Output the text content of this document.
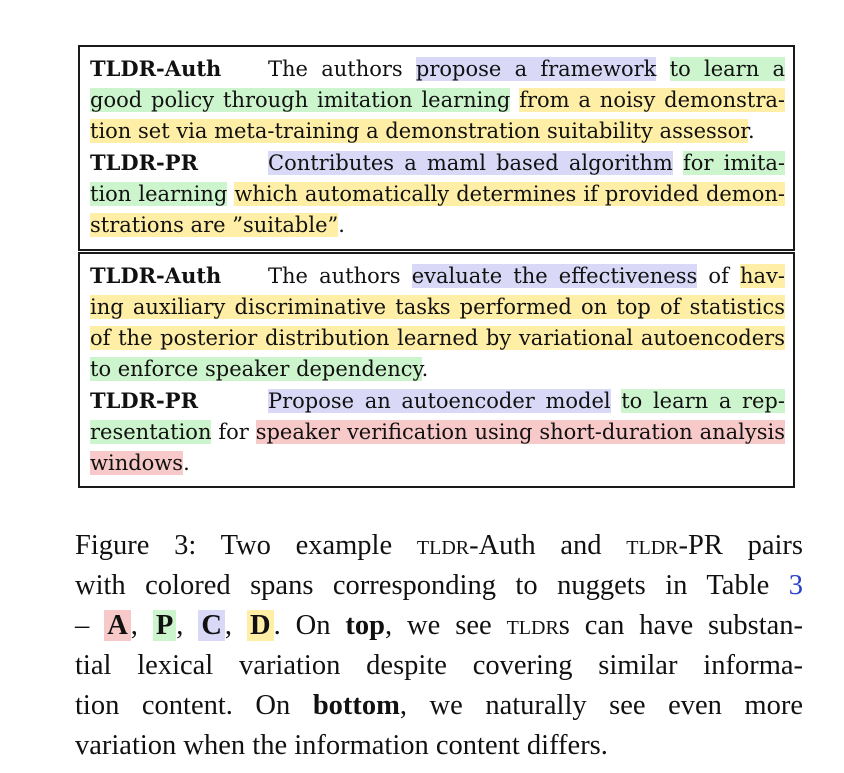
TLDR-Auth The authors propose a framework to learn a
good policy through imitation learning from a noisy demonstra-
tion set via meta-training a demonstration suitability assessor.
TLDR-PR	Contributes a maml based algorithm for imita-
tion learning which automatically determines if provided demon-
strations are ”suitable”.
TLDR-Auth The authors evaluate the effectiveness of hav-
ing auxiliary discriminative tasks performed on top of statistics
of the posterior distribution learned by variational autoencoders
to enforce speaker dependency.
TLDR-PR	Propose an autoencoder model to learn a rep-
resentation for speaker verification using short-duration analysis
windows.
Figure 3: Two example tldr-Auth and tldr-PR pairs
with colored spans corresponding to nuggets in Table 3
– A , P , C , D . On top, we see tldrs can have substan-
tial lexical variation despite covering similar informa-
tion content. On bottom, we naturally see even more
variation when the information content differs.
